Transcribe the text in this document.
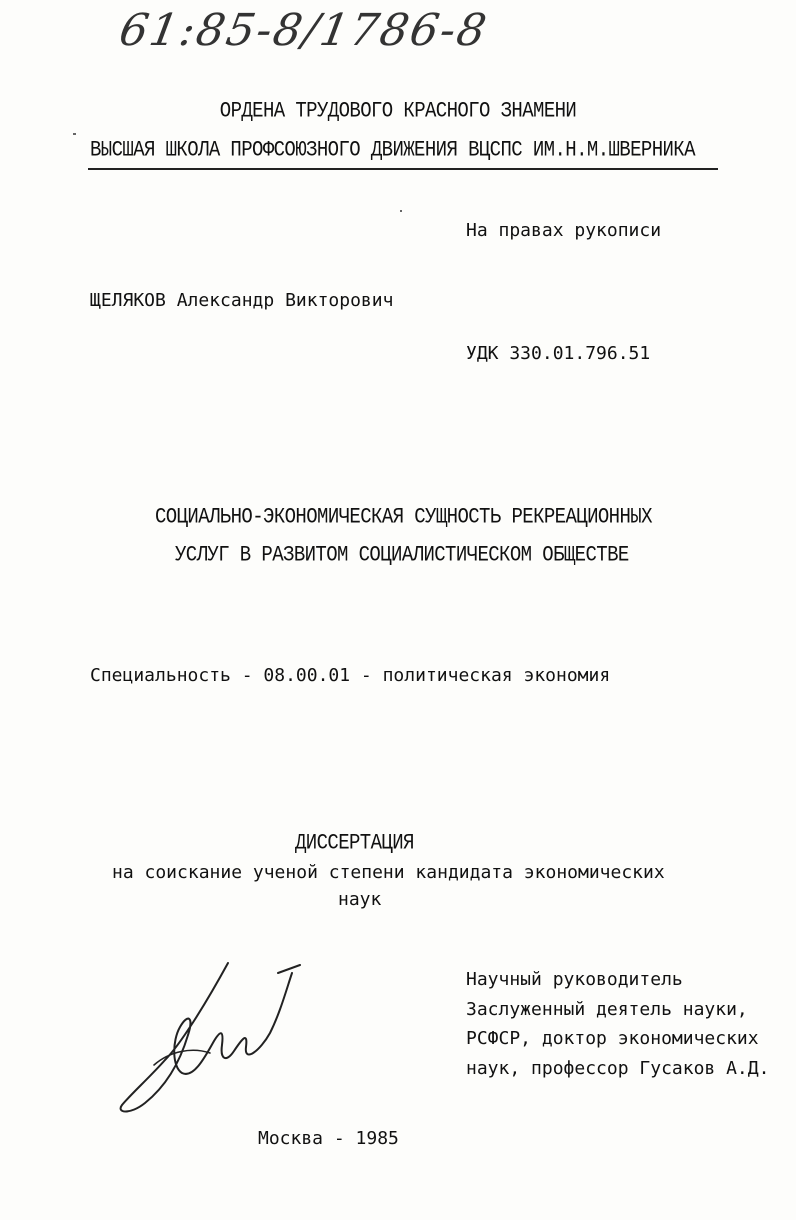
61:85-8/1786-8
ОРДЕНА ТРУДОВОГО КРАСНОГО ЗНАМЕНИ
ВЫСШАЯ ШКОЛА ПРОФСОЮЗНОГО ДВИЖЕНИЯ ВЦСПС ИМ.Н.М.ШВЕРНИКА
На правах рукописи
ЩЕЛЯКОВ Александр Викторович
УДК 330.01.796.51
СОЦИАЛЬНО-ЭКОНОМИЧЕСКАЯ СУЩНОСТЬ РЕКРЕАЦИОННЫХ
УСЛУГ В РАЗВИТОМ СОЦИАЛИСТИЧЕСКОМ ОБЩЕСТВЕ
Специальность - 08.00.01 - политическая экономия
ДИССЕРТАЦИЯ
на соискание ученой степени кандидата экономических
наук
Научный руководитель
Заслуженный деятель науки,
РСФСР, доктор экономических
наук, профессор Гусаков А.Д.
Москва - 1985
